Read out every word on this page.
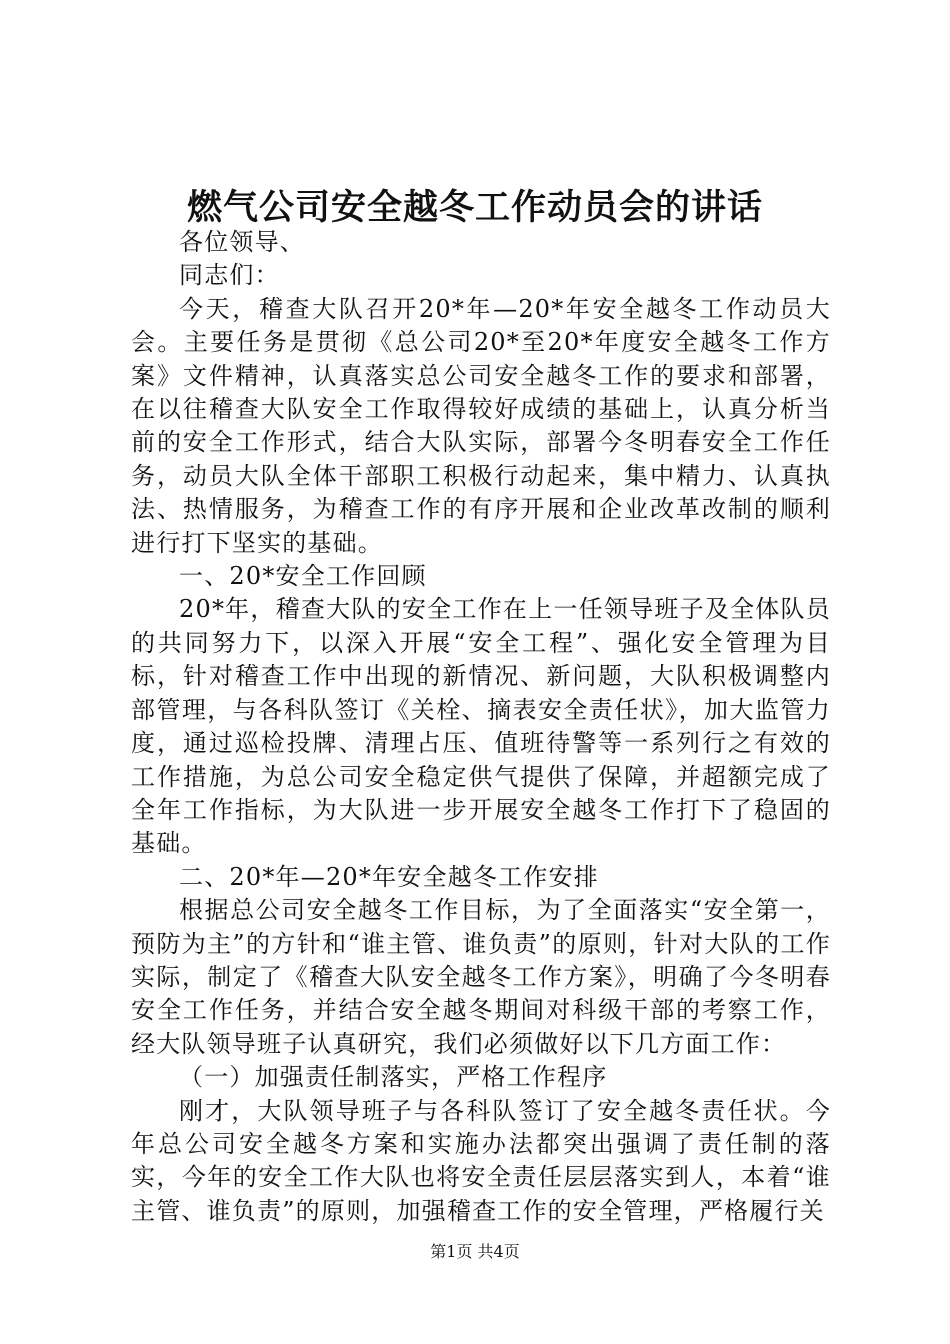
燃气公司安全越冬工作动员会的讲话

各位领导、

同志们：

今天，稽查大队召开20*年—20*年安全越冬工作动员大会。主要任务是贯彻《总公司20*至20*年度安全越冬工作方案》文件精神，认真落实总公司安全越冬工作的要求和部署，在以往稽查大队安全工作取得较好成绩的基础上，认真分析当前的安全工作形式，结合大队实际，部署今冬明春安全工作任务，动员大队全体干部职工积极行动起来，集中精力、认真执法、热情服务，为稽查工作的有序开展和企业改革改制的顺利进行打下坚实的基础。

一、20*安全工作回顾

20*年，稽查大队的安全工作在上一任领导班子及全体队员的共同努力下，以深入开展“安全工程”、强化安全管理为目标，针对稽查工作中出现的新情况、新问题，大队积极调整内部管理，与各科队签订《关栓、摘表安全责任状》，加大监管力度，通过巡检投牌、清理占压、值班待警等一系列行之有效的工作措施，为总公司安全稳定供气提供了保障，并超额完成了全年工作指标，为大队进一步开展安全越冬工作打下了稳固的基础。

二、20*年—20*年安全越冬工作安排

根据总公司安全越冬工作目标，为了全面落实“安全第一，预防为主”的方针和“谁主管、谁负责”的原则，针对大队的工作实际，制定了《稽查大队安全越冬工作方案》，明确了今冬明春安全工作任务，并结合安全越冬期间对科级干部的考察工作，经大队领导班子认真研究，我们必须做好以下几方面工作：

（一）加强责任制落实，严格工作程序

刚才，大队领导班子与各科队签订了安全越冬责任状。今年总公司安全越冬方案和实施办法都突出强调了责任制的落实，今年的安全工作大队也将安全责任层层落实到人，本着“谁主管、谁负责”的原则，加强稽查工作的安全管理，严格履行关

第1页 共4页
